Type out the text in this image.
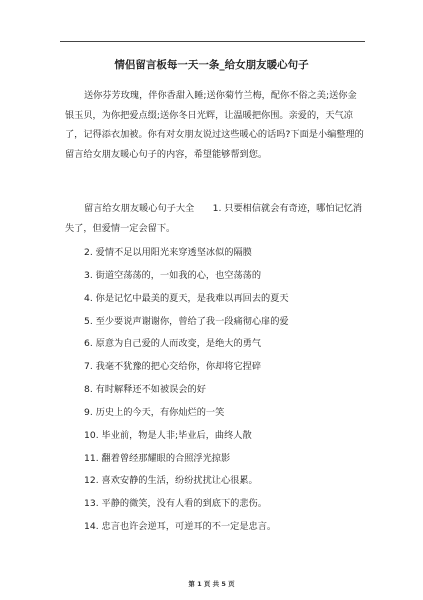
情侣留言板每一天一条_给女朋友暖心句子

送你芬芳玫瑰，伴你香甜入睡;送你菊竹兰梅，配你不俗之美;送你金银玉贝，为你把爱点缀;送你冬日光辉，让温暖把你围。亲爱的，天气凉了，记得添衣加被。你有对女朋友说过这些暖心的话吗?下面是小编整理的留言给女朋友暖心句子的内容，希望能够帮到您。

留言给女朋友暖心句子大全　　1. 只要相信就会有奇迹，哪怕记忆消失了，但爱情一定会留下。

2. 爱情不足以用阳光来穿透坚冰似的隔膜
3. 街道空荡荡的，一如我的心，也空荡荡的
4. 你是记忆中最美的夏天，是我难以再回去的夏天
5. 至少要说声谢谢你，曾给了我一段痛彻心扉的爱
6. 原意为自己爱的人而改变，是绝大的勇气
7. 我毫不犹豫的把心交给你，你却将它捏碎
8. 有时解释还不如被误会的好
9. 历史上的今天，有你灿烂的一笑
10. 毕业前，物是人非;毕业后，曲终人散
11. 翻着曾经那耀眼的合照浮光掠影
12. 喜欢安静的生活，纷纷扰扰让心很累。
13. 平静的微笑，没有人看的到底下的悲伤。
14. 忠言也许会逆耳，可逆耳的不一定是忠言。
第 1 页 共 5 页
